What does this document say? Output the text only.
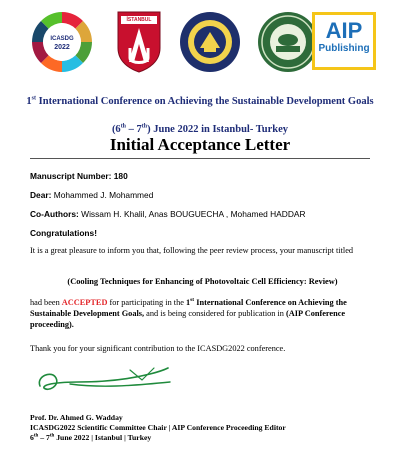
ICASDG
2022
İSTANBUL	AIP
Publishing
1st International Conference on Achieving the Sustainable Development Goals
(6th – 7th) June 2022 in Istanbul- Turkey
Initial Acceptance Letter
Manuscript Number: 180
Dear: Mohammed J. Mohammed
Co-Authors: Wissam H. Khalil, Anas BOUGUECHA , Mohamed HADDAR
Congratulations!
It is a great pleasure to inform you that, following the peer review process, your manuscript titled
(Cooling Techniques for Enhancing of Photovoltaic Cell Efficiency: Review)
had been ACCEPTED for participating in the 1st International Conference on Achieving the Sustainable Development Goals, and is being considered for publication in (AIP Conference proceeding).
Thank you for your significant contribution to the ICASDG2022 conference.
Prof. Dr. Ahmed G. Wadday
ICASDG2022 Scientific Committee Chair | AIP Conference Proceeding Editor
6th – 7th June 2022 | Istanbul | Turkey
